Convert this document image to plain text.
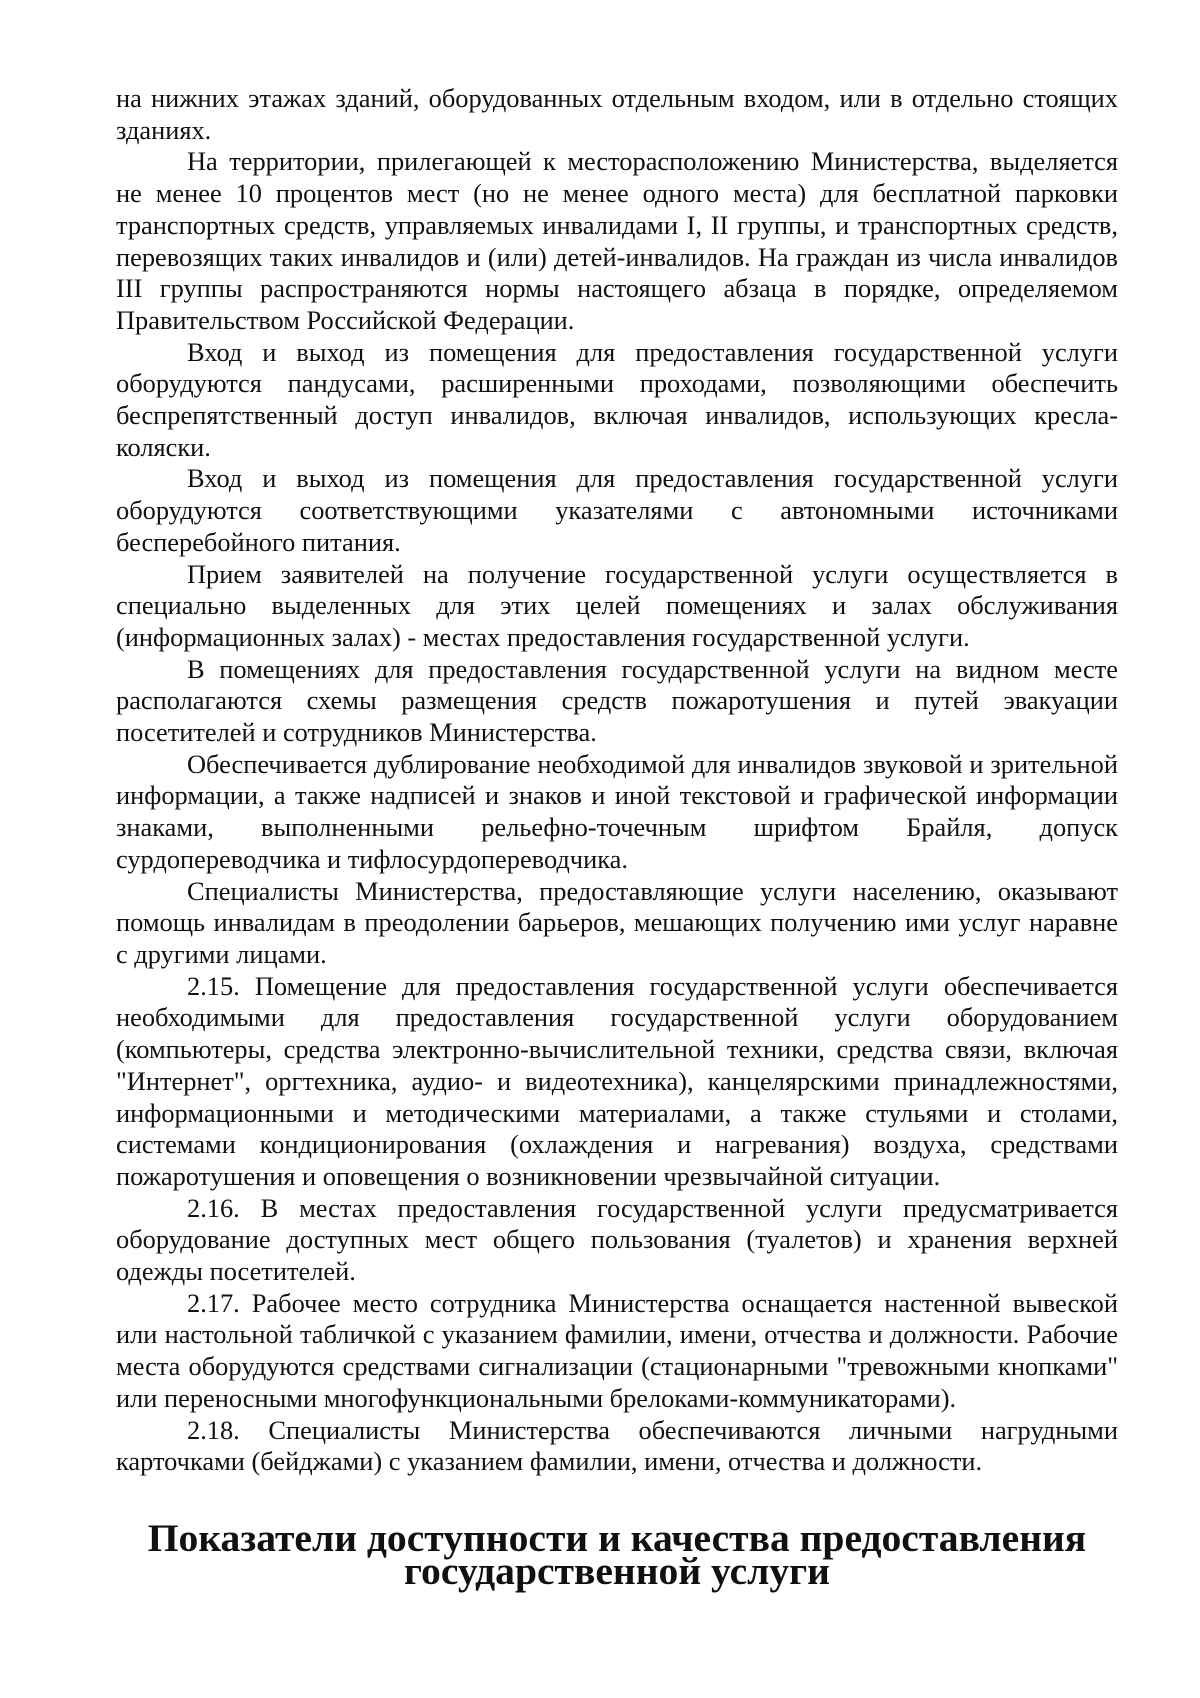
на нижних этажах зданий, оборудованных отдельным входом, или в отдельно стоящих зданиях.

На территории, прилегающей к месторасположению Министерства, выделяется не менее 10 процентов мест (но не менее одного места) для бесплатной парковки транспортных средств, управляемых инвалидами I, II группы, и транспортных средств, перевозящих таких инвалидов и (или) детей-инвалидов. На граждан из числа инвалидов III группы распространяются нормы настоящего абзаца в порядке, определяемом Правительством Российской Федерации.

Вход и выход из помещения для предоставления государственной услуги оборудуются пандусами, расширенными проходами, позволяющими обеспечить беспрепятственный доступ инвалидов, включая инвалидов, использующих кресла-коляски.

Вход и выход из помещения для предоставления государственной услуги оборудуются соответствующими указателями с автономными источниками бесперебойного питания.

Прием заявителей на получение государственной услуги осуществляется в специально выделенных для этих целей помещениях и залах обслуживания (информационных залах) - местах предоставления государственной услуги.

В помещениях для предоставления государственной услуги на видном месте располагаются схемы размещения средств пожаротушения и путей эвакуации посетителей и сотрудников Министерства.

Обеспечивается дублирование необходимой для инвалидов звуковой и зрительной информации, а также надписей и знаков и иной текстовой и графической информации знаками, выполненными рельефно-точечным шрифтом Брайля, допуск сурдопереводчика и тифлосурдопереводчика.

Специалисты Министерства, предоставляющие услуги населению, оказывают помощь инвалидам в преодолении барьеров, мешающих получению ими услуг наравне с другими лицами.

2.15. Помещение для предоставления государственной услуги обеспечивается необходимыми для предоставления государственной услуги оборудованием (компьютеры, средства электронно-вычислительной техники, средства связи, включая "Интернет", оргтехника, аудио- и видеотехника), канцелярскими принадлежностями, информационными и методическими материалами, а также стульями и столами, системами кондиционирования (охлаждения и нагревания) воздуха, средствами пожаротушения и оповещения о возникновении чрезвычайной ситуации.

2.16. В местах предоставления государственной услуги предусматривается оборудование доступных мест общего пользования (туалетов) и хранения верхней одежды посетителей.

2.17. Рабочее место сотрудника Министерства оснащается настенной вывеской или настольной табличкой с указанием фамилии, имени, отчества и должности. Рабочие места оборудуются средствами сигнализации (стационарными "тревожными кнопками" или переносными многофункциональными брелоками-коммуникаторами).

2.18. Специалисты Министерства обеспечиваются личными нагрудными карточками (бейджами) с указанием фамилии, имени, отчества и должности.

Показатели доступности и качества предоставления государственной услуги
